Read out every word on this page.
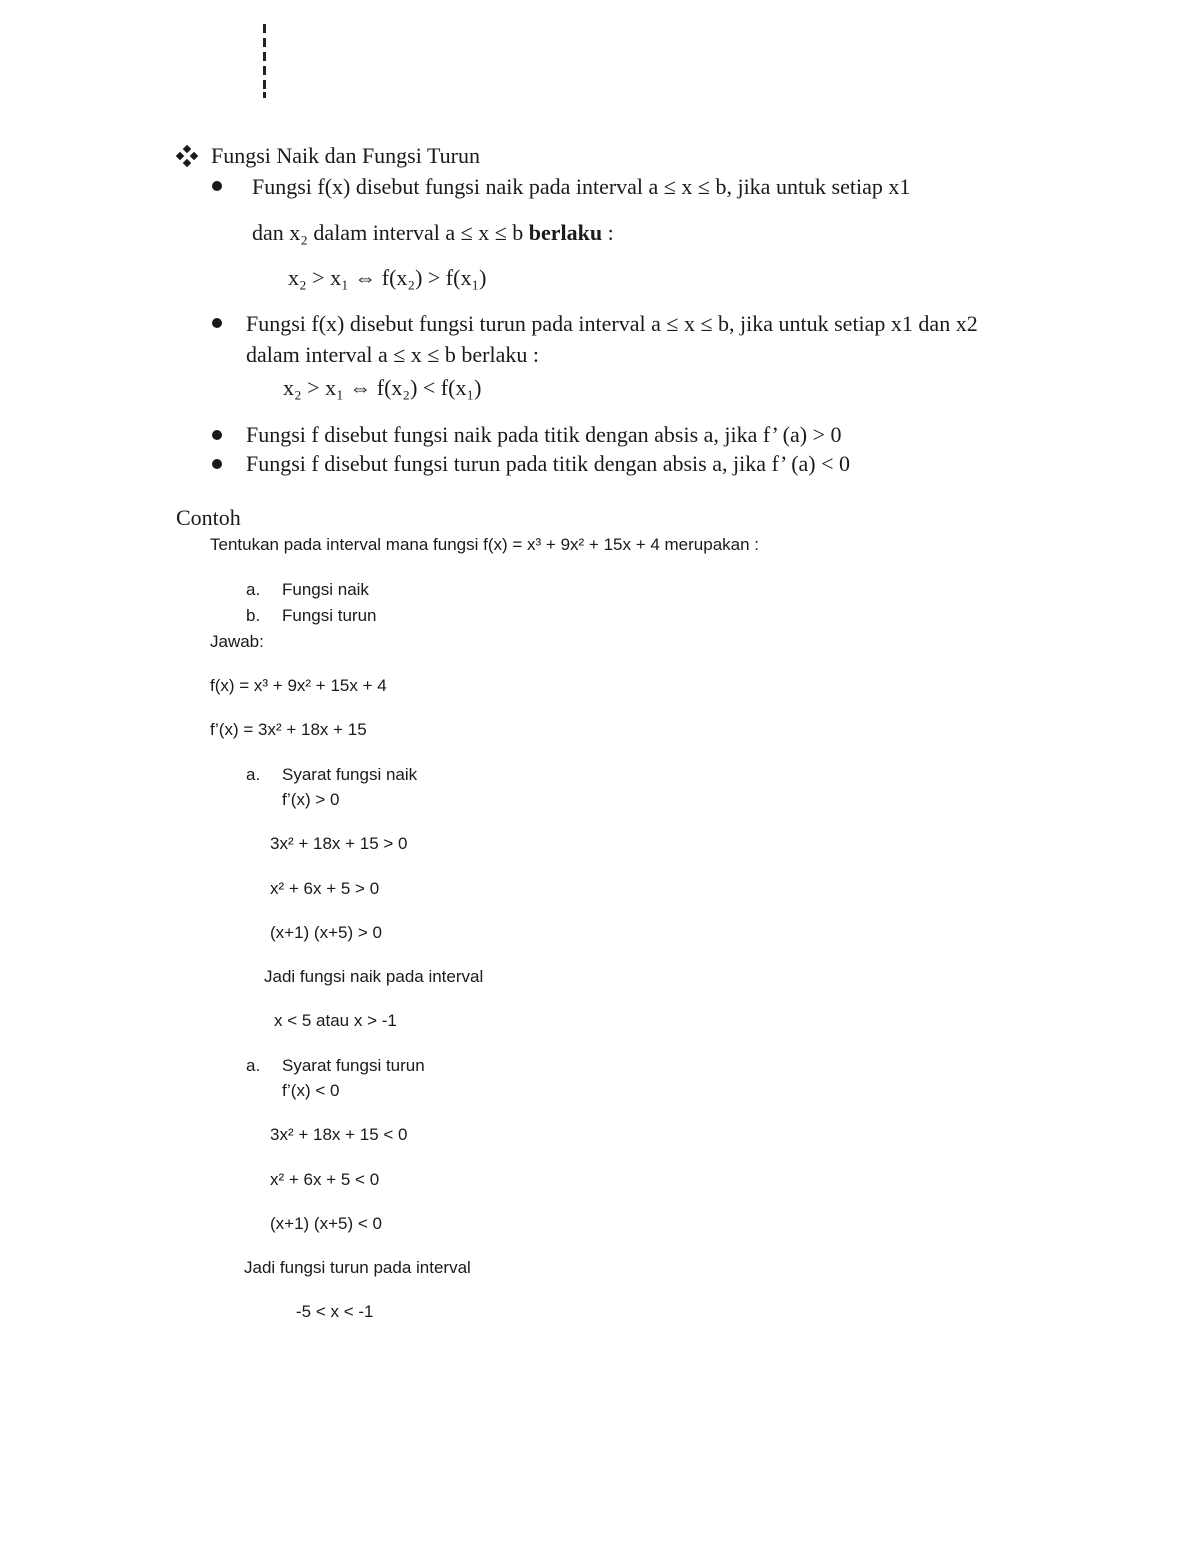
Fungsi Naik dan Fungsi Turun
Fungsi f(x) disebut fungsi naik pada interval a ≤ x ≤ b, jika untuk setiap x1
dan x₂ dalam interval a ≤ x ≤ b berlaku :
x₂ > x₁ ⇔ f(x₂) > f(x₁)
Fungsi f(x) disebut fungsi turun pada interval a ≤ x ≤ b, jika untuk setiap x1 dan x2
dalam interval a ≤ x ≤ b berlaku :
x₂ > x₁ ⇔ f(x₂) < f(x₁)
Fungsi f disebut fungsi naik pada titik dengan absis a, jika f’ (a) > 0
Fungsi f disebut fungsi turun pada titik dengan absis a, jika f’ (a) < 0
Contoh
Tentukan pada interval mana fungsi f(x) = x³ + 9x² + 15x + 4 merupakan :
a. Fungsi naik
b. Fungsi turun
Jawab:
f(x) = x³ + 9x² + 15x + 4
f’(x) = 3x² + 18x + 15
a. Syarat fungsi naik
f’(x) > 0
3x² + 18x + 15 > 0
x² + 6x + 5 > 0
(x+1) (x+5) > 0
Jadi fungsi naik pada interval
x < 5 atau x > -1
a. Syarat fungsi turun
f’(x) < 0
3x² + 18x + 15 < 0
x² + 6x + 5 < 0
(x+1) (x+5) < 0
Jadi fungsi turun pada interval
-5 < x < -1
